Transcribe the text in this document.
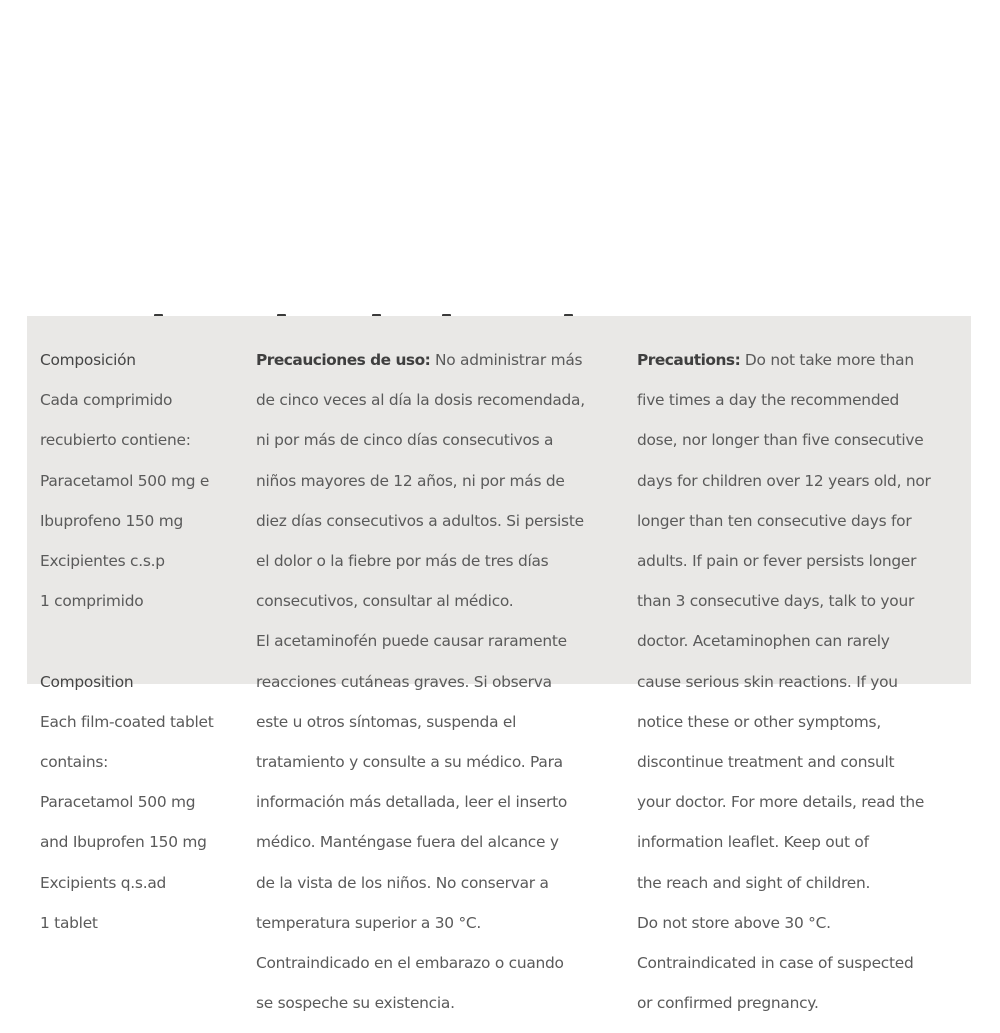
Composición

Cada comprimido

recubierto contiene:

Paracetamol 500 mg e

Ibuprofeno 150 mg

Excipientes c.s.p

1 comprimido

Composition

Each film-coated tablet

contains:

Paracetamol 500 mg

and Ibuprofen 150 mg

Excipients q.s.ad

1 tablet

Precauciones de uso: No administrar más

de cinco veces al día la dosis recomendada,

ni por más de cinco días consecutivos a

niños mayores de 12 años, ni por más de

diez días consecutivos a adultos. Si persiste

el dolor o la fiebre por más de tres días

consecutivos, consultar al médico.

El acetaminofén puede causar raramente

reacciones cutáneas graves. Si observa

este u otros síntomas, suspenda el

tratamiento y consulte a su médico. Para

información más detallada, leer el inserto

médico. Manténgase fuera del alcance y

de la vista de los niños. No conservar a

temperatura superior a 30 °C.

Contraindicado en el embarazo o cuando

se sospeche su existencia.

Precautions: Do not take more than

five times a day the recommended

dose, nor longer than five consecutive

days for children over 12 years old, nor

longer than ten consecutive days for

adults. If pain or fever persists longer

than 3 consecutive days, talk to your

doctor. Acetaminophen can rarely

cause serious skin reactions. If you

notice these or other symptoms,

discontinue treatment and consult

your doctor. For more details, read the

information leaflet. Keep out of

the reach and sight of children.

Do not store above 30 °C.

Contraindicated in case of suspected

or confirmed pregnancy.
